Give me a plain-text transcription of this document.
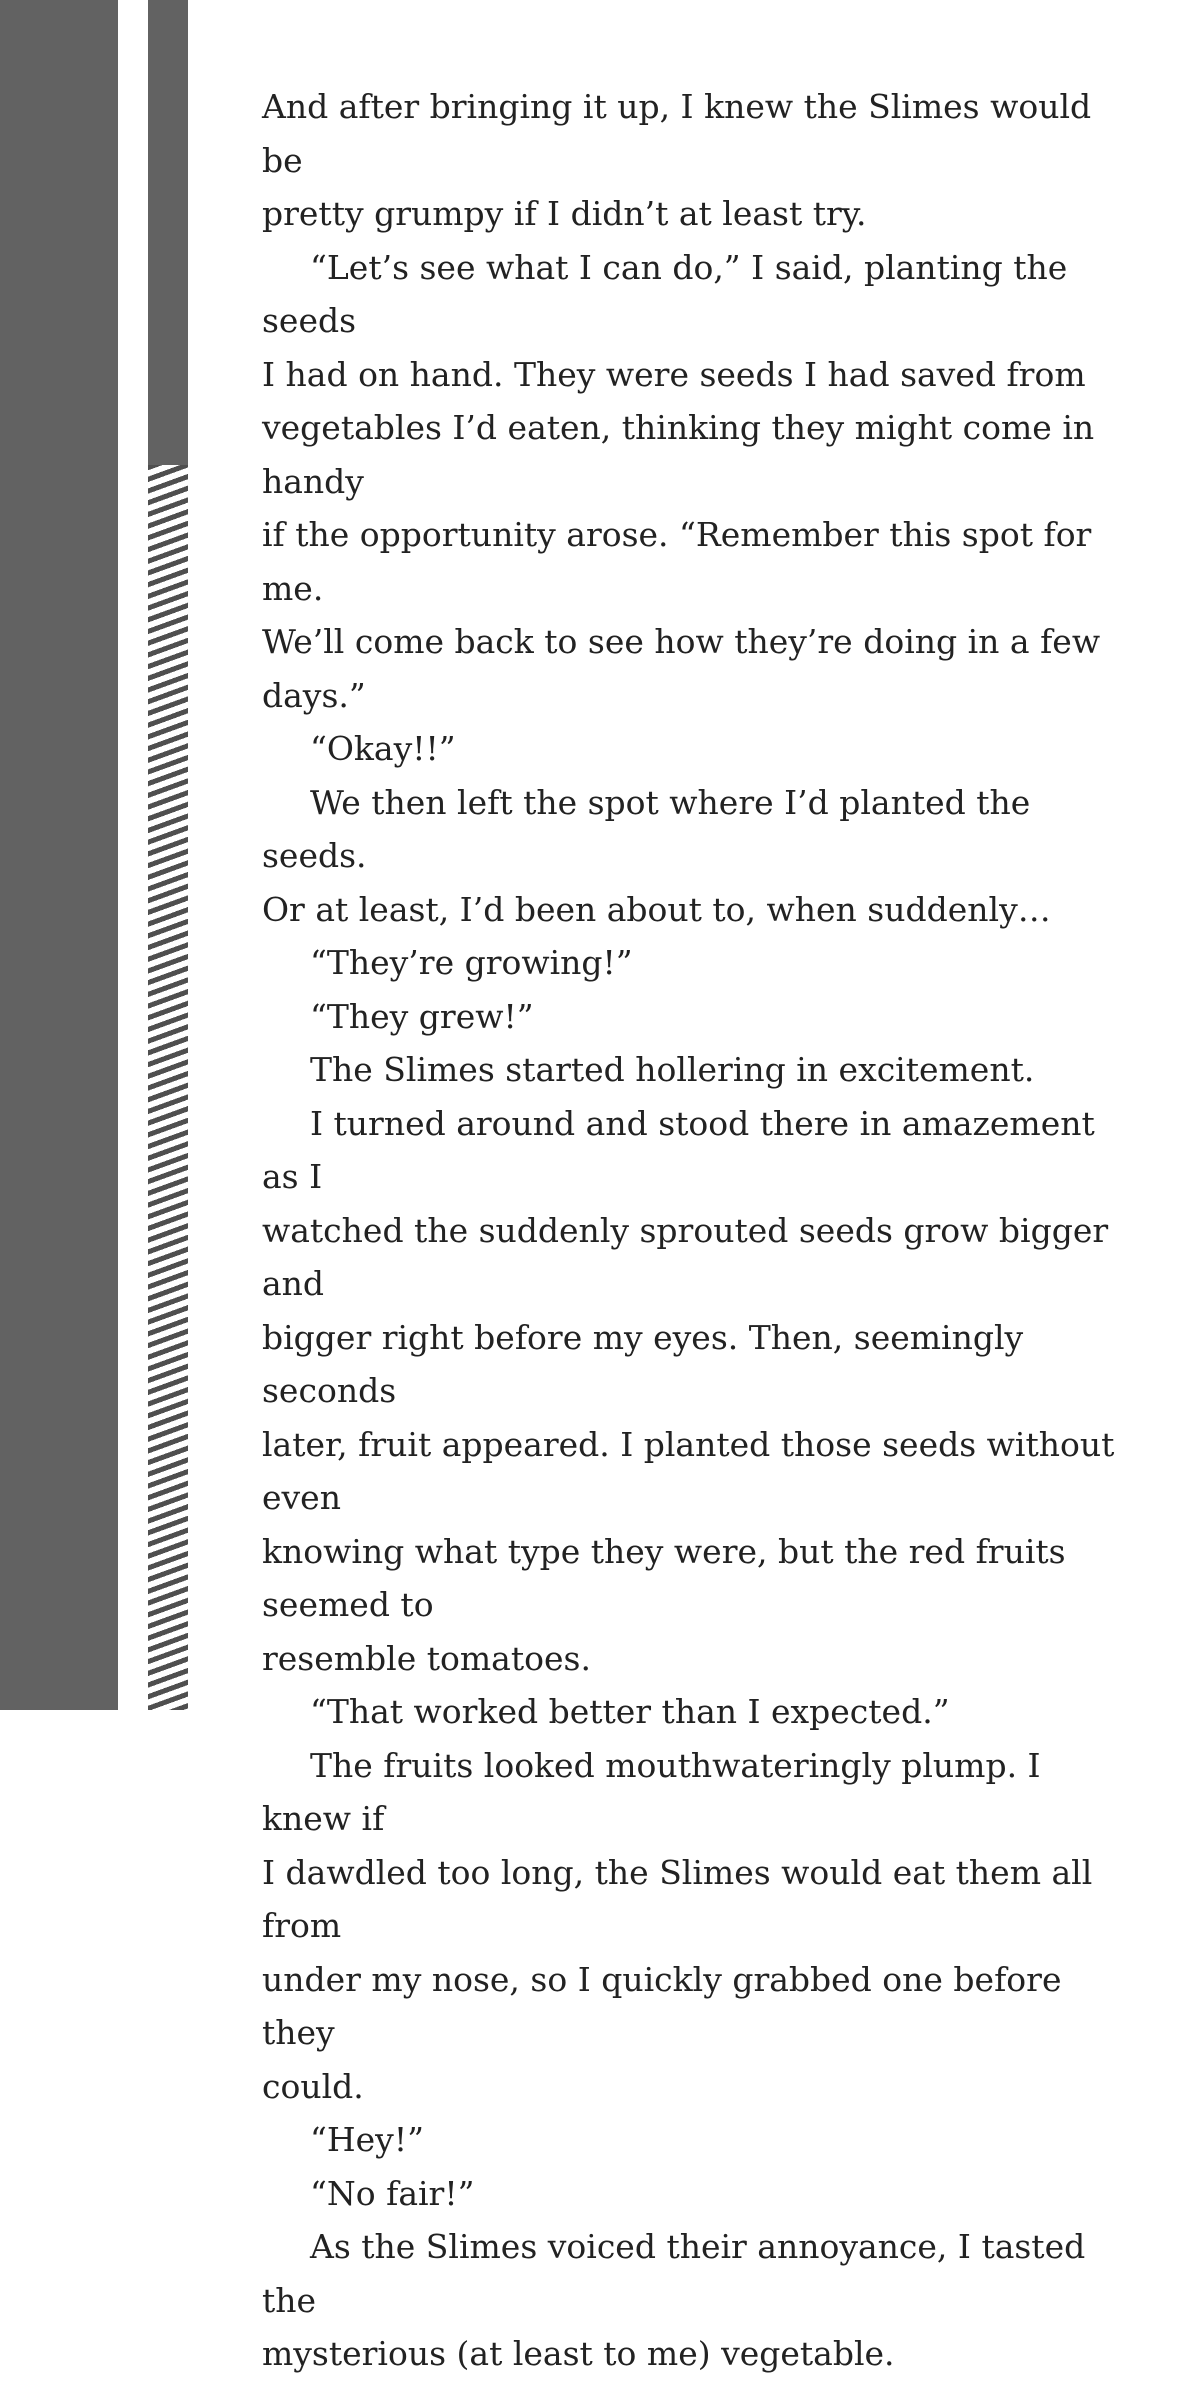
And after bringing it up, I knew the Slimes would be
pretty grumpy if I didn’t at least try.

“Let’s see what I can do,” I said, planting the seeds
I had on hand. They were seeds I had saved from
vegetables I’d eaten, thinking they might come in handy
if the opportunity arose. “Remember this spot for me.
We’ll come back to see how they’re doing in a few days.”

“Okay!!”

We then left the spot where I’d planted the seeds.
Or at least, I’d been about to, when suddenly…

“They’re growing!”

“They grew!”

The Slimes started hollering in excitement.

I turned around and stood there in amazement as I
watched the suddenly sprouted seeds grow bigger and
bigger right before my eyes. Then, seemingly seconds
later, fruit appeared. I planted those seeds without even
knowing what type they were, but the red fruits seemed to
resemble tomatoes.

“That worked better than I expected.”

The fruits looked mouthwateringly plump. I knew if
I dawdled too long, the Slimes would eat them all from
under my nose, so I quickly grabbed one before they
could.

“Hey!”

“No fair!”

As the Slimes voiced their annoyance, I tasted the
mysterious (at least to me) vegetable.
